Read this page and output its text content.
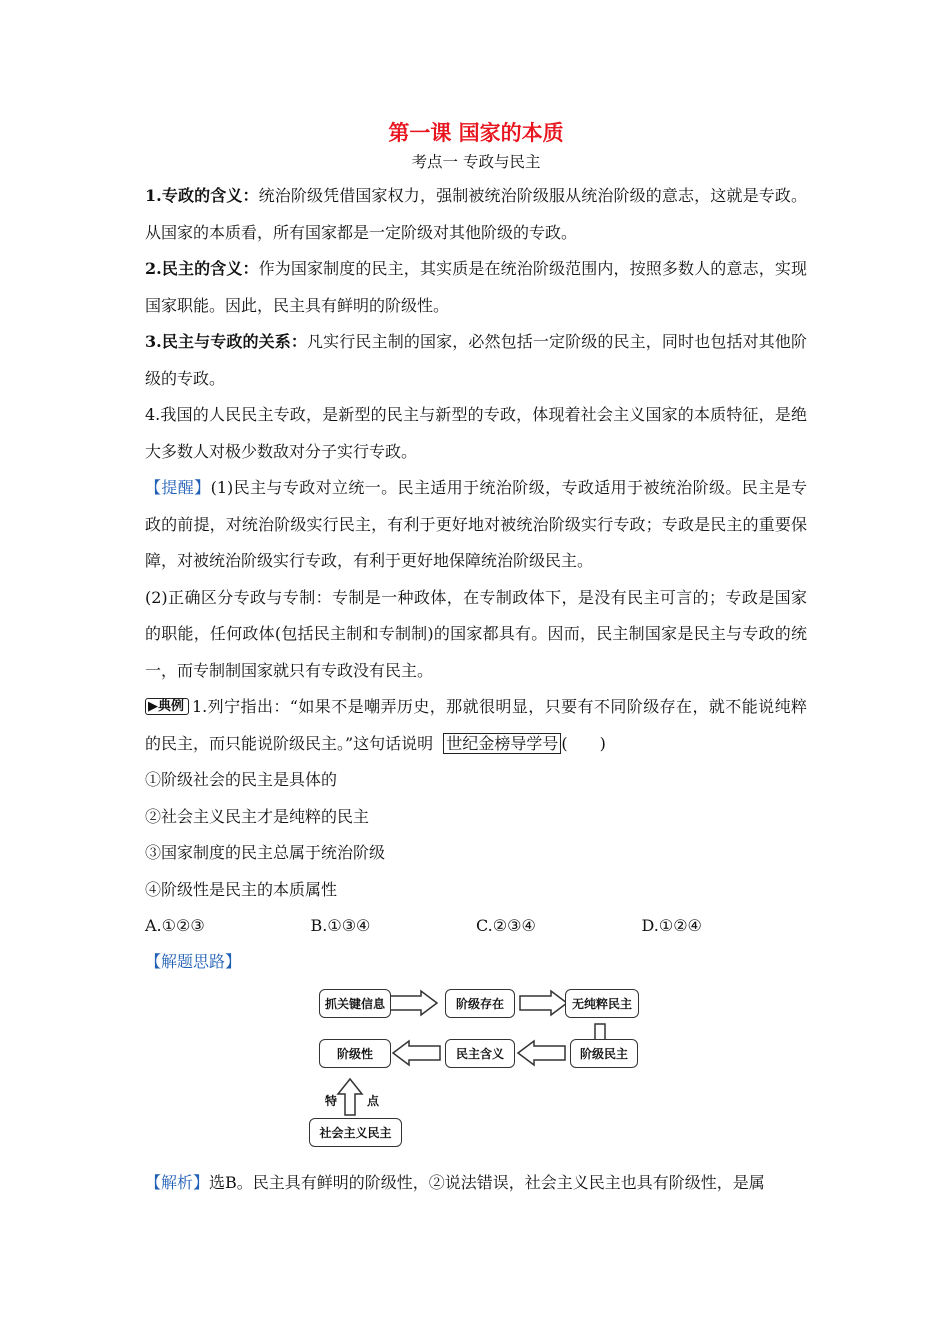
第一课 国家的本质
考点一 专政与民主

1.专政的含义：统治阶级凭借国家权力，强制被统治阶级服从统治阶级的意志，这就是专政。从国家的本质看，所有国家都是一定阶级对其他阶级的专政。

2.民主的含义：作为国家制度的民主，其实质是在统治阶级范围内，按照多数人的意志，实现国家职能。因此，民主具有鲜明的阶级性。

3.民主与专政的关系：凡实行民主制的国家，必然包括一定阶级的民主，同时也包括对其他阶级的专政。

4.我国的人民民主专政，是新型的民主与新型的专政，体现着社会主义国家的本质特征，是绝大多数人对极少数敌对分子实行专政。

【提醒】(1)民主与专政对立统一。民主适用于统治阶级，专政适用于被统治阶级。民主是专政的前提，对统治阶级实行民主，有利于更好地对被统治阶级实行专政；专政是民主的重要保障，对被统治阶级实行专政，有利于更好地保障统治阶级民主。

(2)正确区分专政与专制：专制是一种政体，在专制政体下，是没有民主可言的；专政是国家的职能，任何政体(包括民主制和专制制)的国家都具有。因而，民主制国家是民主与专政的统一，而专制制国家就只有专政没有民主。

▶典例 1.列宁指出：“如果不是嘲弄历史，那就很明显，只要有不同阶级存在，就不能说纯粹的民主，而只能说阶级民主。”这句话说明 世纪金榜导学号 (　　)

①阶级社会的民主是具体的

②社会主义民主才是纯粹的民主

③国家制度的民主总属于统治阶级

④阶级性是民主的本质属性

A.①②③	B.①③④	C.②③④	D.①②④

【解题思路】

抓关键信息	阶级存在	无纯粹民主
阶级民主
民主含义
阶级性
社会主义民主
特 点

【解析】选B。民主具有鲜明的阶级性，②说法错误，社会主义民主也具有阶级性，是属
